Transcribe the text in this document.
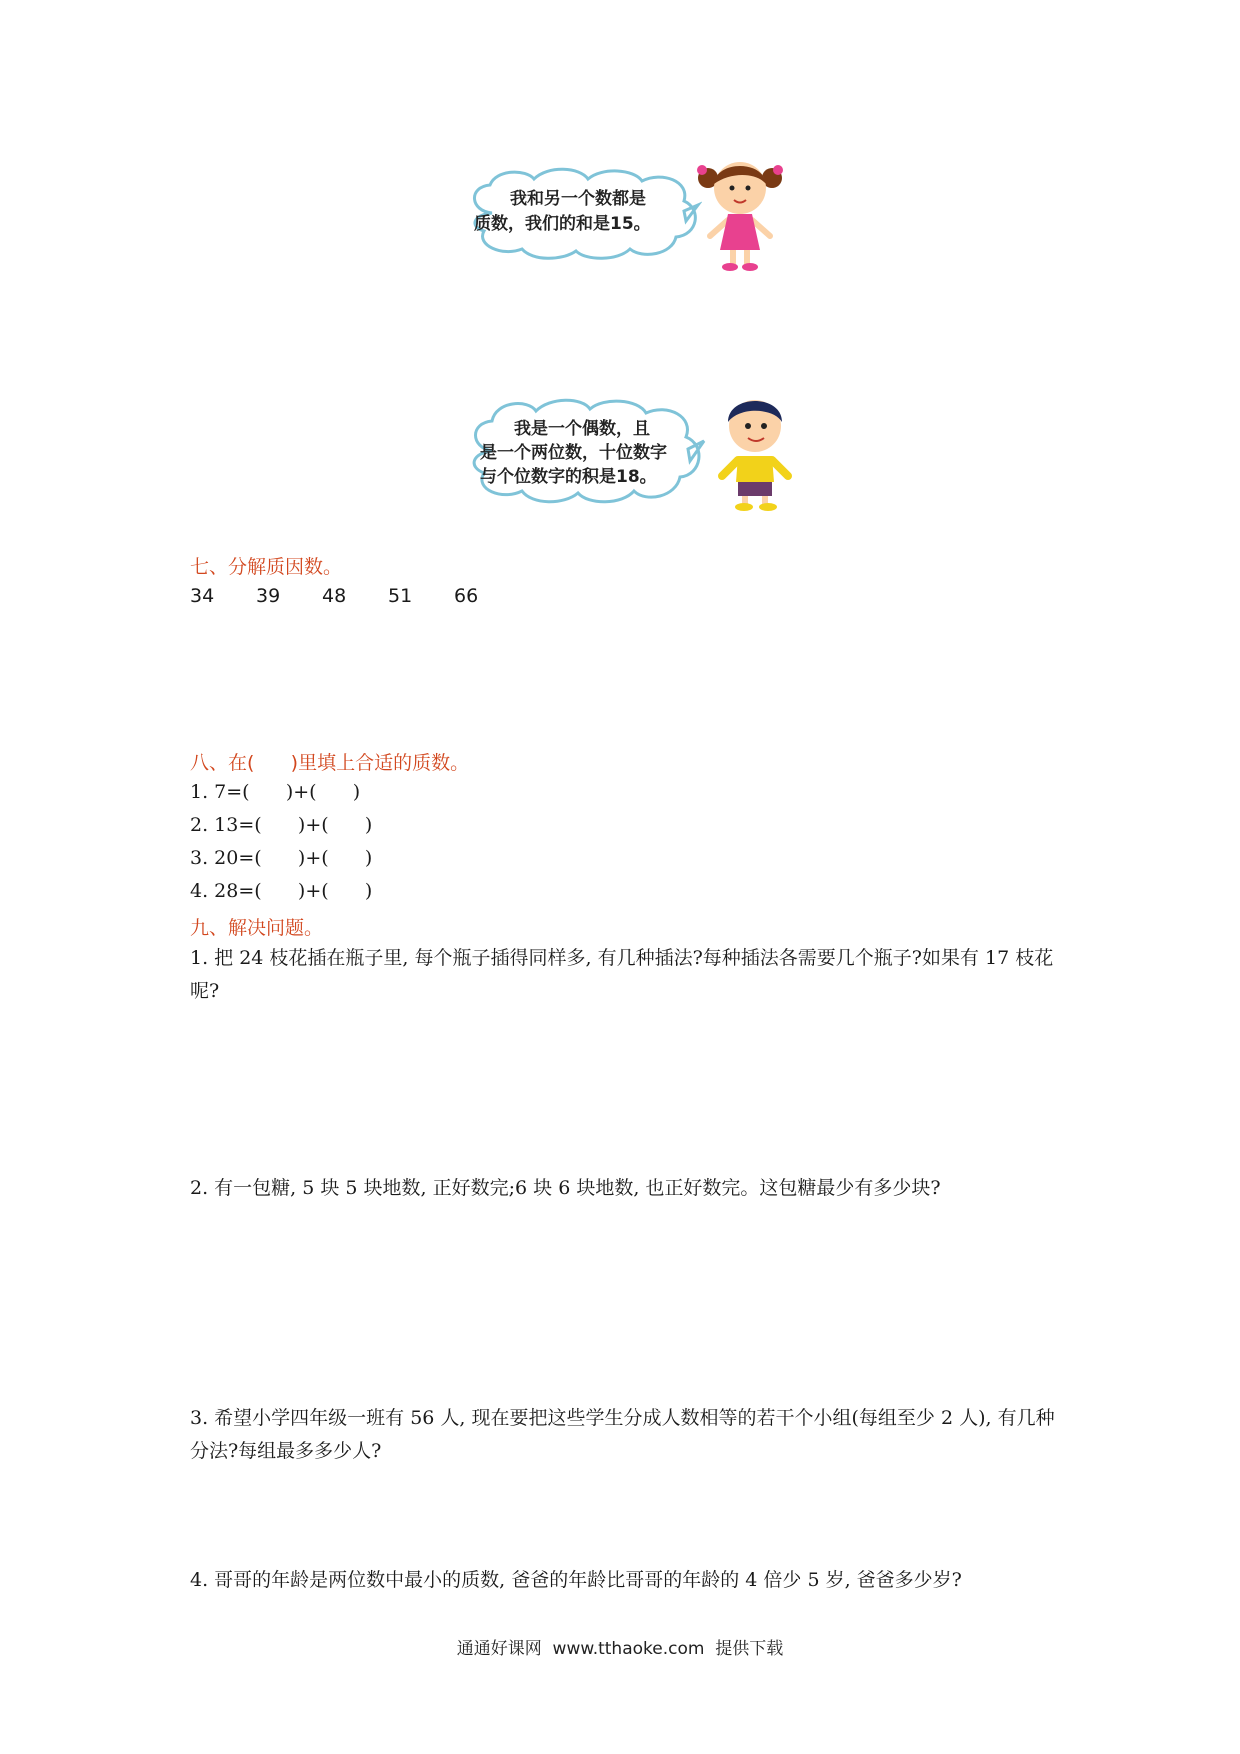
我和另一个数都是
质数，我们的和是15。
我是一个偶数，且
是一个两位数，十位数字
与个位数字的积是18。
七、分解质因数。
34 39 48 51 66
八、在(      )里填上合适的质数。
1. 7=(      )+(      )
2. 13=(      )+(      )
3. 20=(      )+(      )
4. 28=(      )+(      )
九、解决问题。
1. 把 24 枝花插在瓶子里, 每个瓶子插得同样多, 有几种插法?每种插法各需要几个瓶子?如果有 17 枝花呢?
2. 有一包糖, 5 块 5 块地数, 正好数完;6 块 6 块地数, 也正好数完。这包糖最少有多少块?
3. 希望小学四年级一班有 56 人, 现在要把这些学生分成人数相等的若干个小组(每组至少 2 人), 有几种分法?每组最多多少人?
4. 哥哥的年龄是两位数中最小的质数, 爸爸的年龄比哥哥的年龄的 4 倍少 5 岁, 爸爸多少岁?
通通好课网  www.tthaoke.com  提供下载
